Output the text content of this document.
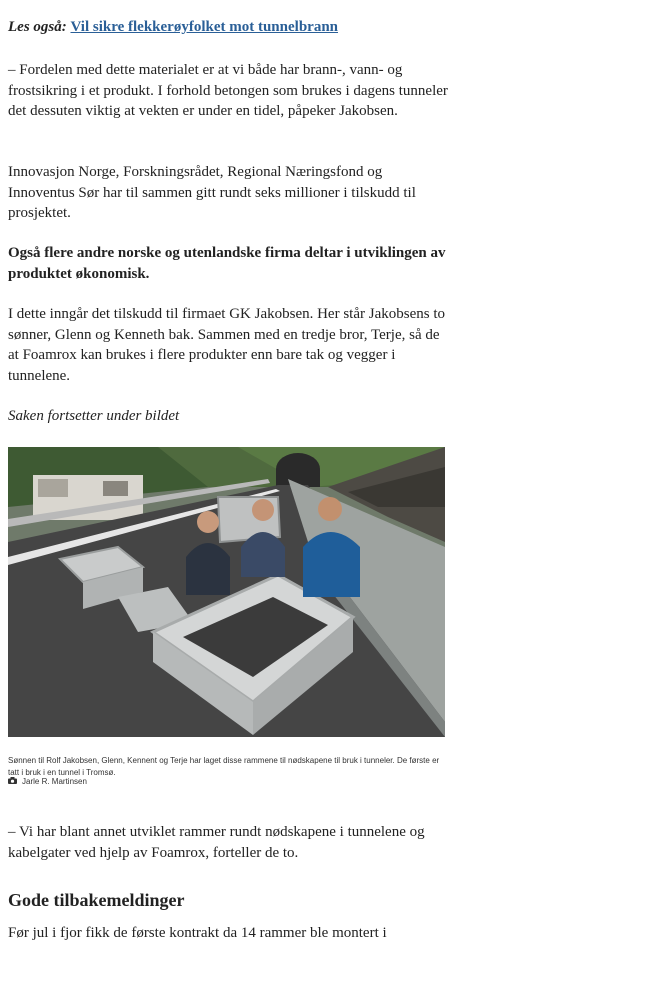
Les også: Vil sikre flekkerøyfolket mot tunnelbrann

– Fordelen med dette materialet er at vi både har brann-, vann- og frostsikring i et produkt. I forhold betongen som brukes i dagens tunneler det dessuten viktig at vekten er under en tidel, påpeker Jakobsen.

Innovasjon Norge, Forskningsrådet, Regional Næringsfond og Innoventus Sør har til sammen gitt rundt seks millioner i tilskudd til prosjektet.

Også flere andre norske og utenlandske firma deltar i utviklingen av produktet økonomisk.

I dette inngår det tilskudd til firmaet GK Jakobsen. Her står Jakobsens to sønner, Glenn og Kenneth bak. Sammen med en tredje bror, Terje, så de at Foamrox kan brukes i flere produkter enn bare tak og vegger i tunnelene.

Saken fortsetter under bildet

Sønnen til Rolf Jakobsen, Glenn, Kennent og Terje har laget disse rammene til nødskapene til bruk i tunneler. De første er tatt i bruk i en tunnel i Tromsø.
Jarle R. Martinsen

– Vi har blant annet utviklet rammer rundt nødskapene i tunnelene og kabelgater ved hjelp av Foamrox, forteller de to.

Gode tilbakemeldinger

Før jul i fjor fikk de første kontrakt da 14 rammer ble montert i
